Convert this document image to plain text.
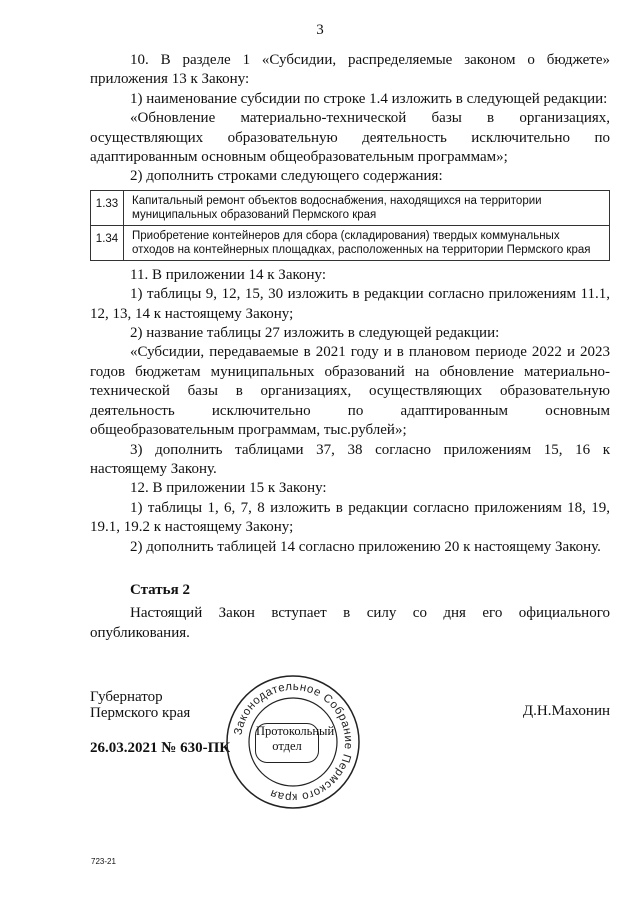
3

10. В разделе 1 «Субсидии, распределяемые законом о бюджете» приложения 13 к Закону:

1) наименование субсидии по строке 1.4 изложить в следующей редакции:

«Обновление материально-технической базы в организациях, осуществляющих образовательную деятельность исключительно по адаптированным основным общеобразовательным программам»;

2) дополнить строками следующего содержания:

1.33	Капитальный ремонт объектов водоснабжения, находящихся на территории муниципальных образований Пермского края
1.34	Приобретение контейнеров для сбора (складирования) твердых коммунальных отходов на контейнерных площадках, расположенных на территории Пермского края

11. В приложении 14 к Закону:

1) таблицы 9, 12, 15, 30 изложить в редакции согласно приложениям 11.1, 12, 13, 14 к настоящему Закону;

2) название таблицы 27 изложить в следующей редакции:

«Субсидии, передаваемые в 2021 году и в плановом периоде 2022 и 2023 годов бюджетам муниципальных образований на обновление материально-технической базы в организациях, осуществляющих образовательную деятельность исключительно по адаптированным основным общеобразовательным программам, тыс.рублей»;

3) дополнить таблицами 37, 38 согласно приложениям 15, 16 к настоящему Закону.

12. В приложении 15 к Закону:

1) таблицы 1, 6, 7, 8 изложить в редакции согласно приложениям 18, 19, 19.1, 19.2 к настоящему Закону;

2) дополнить таблицей 14 согласно приложению 20 к настоящему Закону.

Статья 2

Настоящий Закон вступает в силу со дня его официального опубликования.

Губернатор
Пермского края	Д.Н.Махонин
26.03.2021 № 630-ПК
Законодательное Собрание Пермского края
Протокольный
отдел
723-21
